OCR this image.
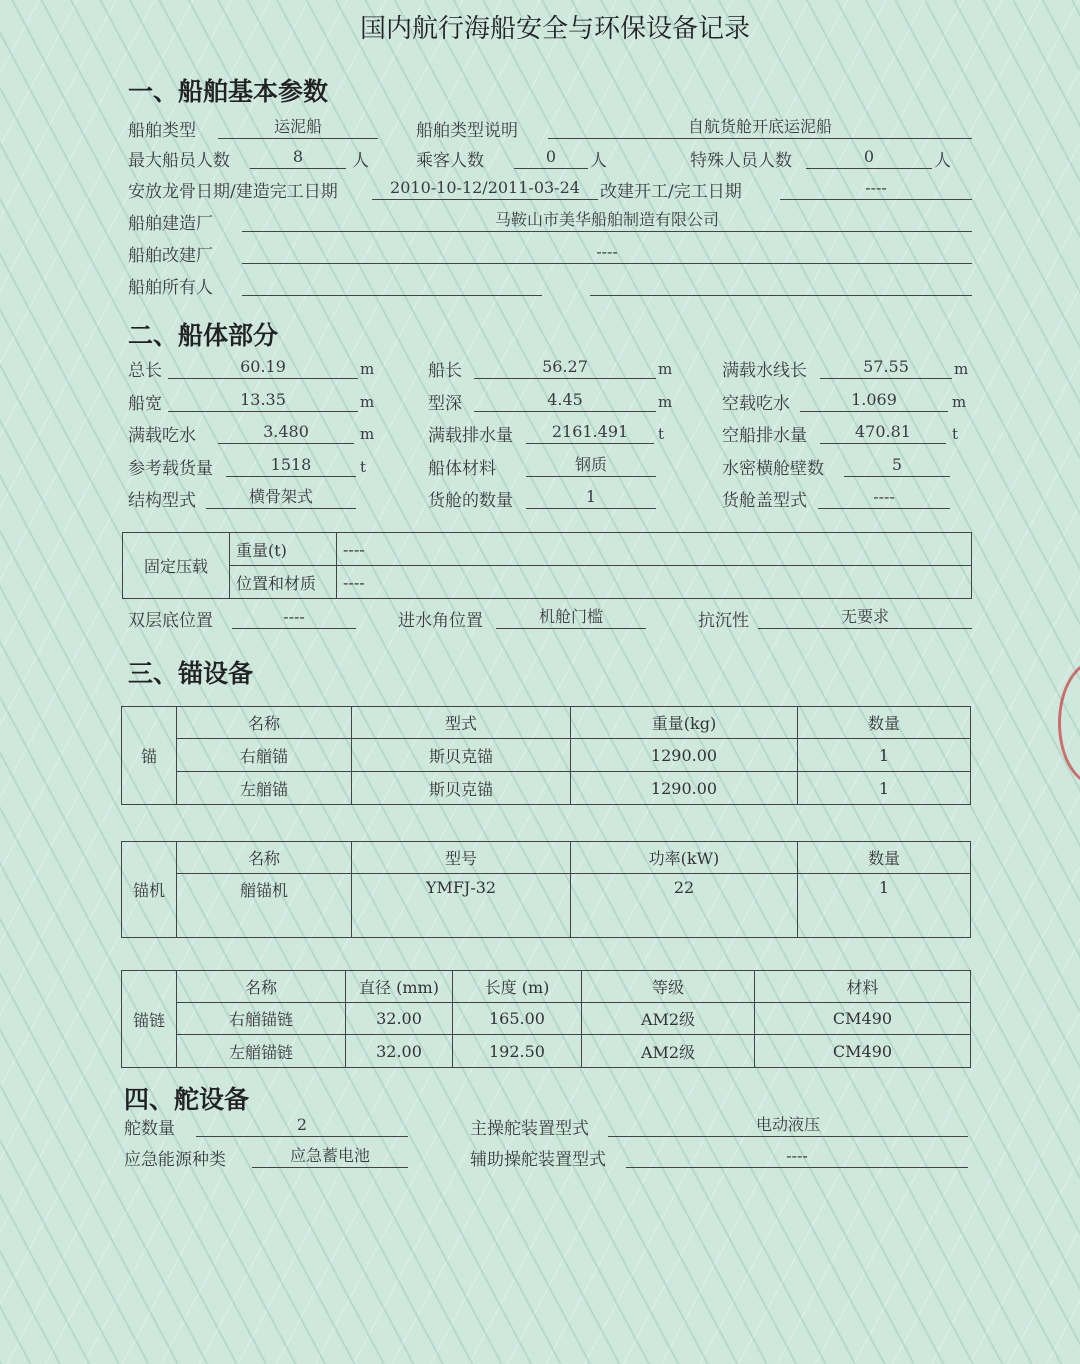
国内航行海船安全与环保设备记录
一、船舶基本参数
船舶类型	运泥船	船舶类型说明	自航货舱开底运泥船
最大船员人数	8	人	乘客人数	0	人	特殊人员人数	0	人
安放龙骨日期/建造完工日期	2010-10-12/2011-03-24	改建开工/完工日期	----
船舶建造厂	马鞍山市美华船舶制造有限公司
船舶改建厂	----
船舶所有人
二、船体部分
总长	60.19	m	船长	56.27	m	满载水线长	57.55	m
船宽	13.35	m	型深	4.45	m	空载吃水	1.069	m
满载吃水	3.480	m	满载排水量	2161.491	t	空船排水量	470.81	t
参考载货量	1518	t	船体材料	钢质	水密横舱壁数	5
结构型式	横骨架式	货舱的数量	1	货舱盖型式	----
固定压载	重量(t)	----
	位置和材质	----
双层底位置	----	进水角位置	机舱门槛	抗沉性	无要求
三、锚设备
锚	名称	型式	重量(kg)	数量
	右艏锚	斯贝克锚	1290.00	1
	左艏锚	斯贝克锚	1290.00	1
锚机	名称	型号	功率(kW)	数量
	艏锚机	YMFJ-32	22	1
锚链	名称	直径 (mm)	长度 (m)	等级	材料
	右艏锚链	32.00	165.00	AM2级	CM490
	左艏锚链	32.00	192.50	AM2级	CM490
四、舵设备
舵数量	2	主操舵装置型式	电动液压
应急能源种类	应急蓄电池	辅助操舵装置型式	----
